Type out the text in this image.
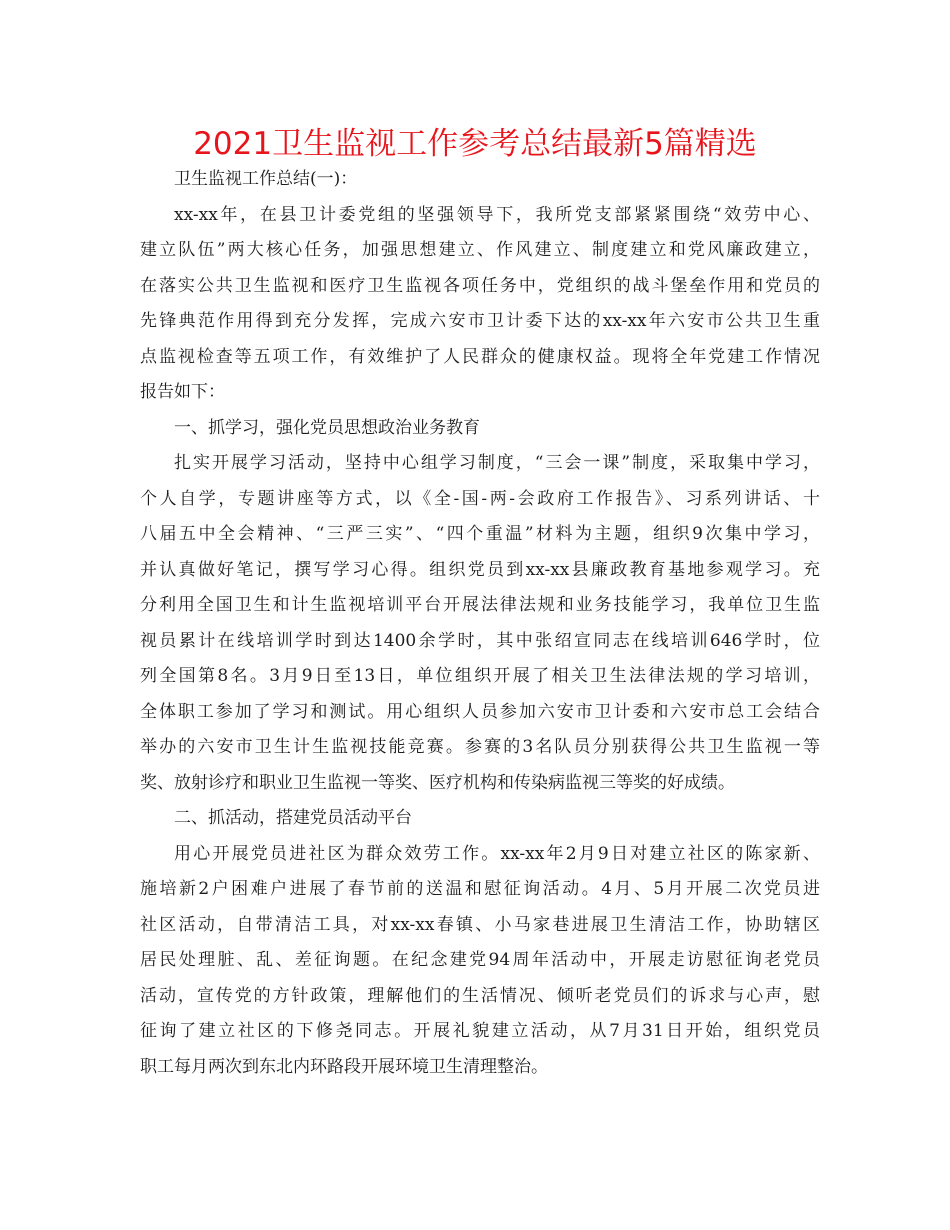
2021卫生监视工作参考总结最新5篇精选
卫生监视工作总结(一)：
xx-xx年，在县卫计委党组的坚强领导下，我所党支部紧紧围绕“效劳中心、
建立队伍”两大核心任务，加强思想建立、作风建立、制度建立和党风廉政建立，
在落实公共卫生监视和医疗卫生监视各项任务中，党组织的战斗堡垒作用和党员的
先锋典范作用得到充分发挥，完成六安市卫计委下达的xx-xx年六安市公共卫生重
点监视检查等五项工作，有效维护了人民群众的健康权益。现将全年党建工作情况
报告如下：
一、抓学习，强化党员思想政治业务教育
扎实开展学习活动，坚持中心组学习制度，“三会一课”制度，采取集中学习，
个人自学，专题讲座等方式，以《全-国-两-会政府工作报告》、习系列讲话、十
八届五中全会精神、“三严三实”、“四个重温”材料为主题，组织9次集中学习，
并认真做好笔记，撰写学习心得。组织党员到xx-xx县廉政教育基地参观学习。充
分利用全国卫生和计生监视培训平台开展法律法规和业务技能学习，我单位卫生监
视员累计在线培训学时到达1400余学时，其中张绍宣同志在线培训646学时，位
列全国第8名。3月9日至13日，单位组织开展了相关卫生法律法规的学习培训，
全体职工参加了学习和测试。用心组织人员参加六安市卫计委和六安市总工会结合
举办的六安市卫生计生监视技能竞赛。参赛的3名队员分别获得公共卫生监视一等
奖、放射诊疗和职业卫生监视一等奖、医疗机构和传染病监视三等奖的好成绩。
二、抓活动，搭建党员活动平台
用心开展党员进社区为群众效劳工作。xx-xx年2月9日对建立社区的陈家新、
施培新2户困难户进展了春节前的送温和慰征询活动。4月、5月开展二次党员进
社区活动，自带清洁工具，对xx-xx春镇、小马家巷进展卫生清洁工作，协助辖区
居民处理脏、乱、差征询题。在纪念建党94周年活动中，开展走访慰征询老党员
活动，宣传党的方针政策，理解他们的生活情况、倾听老党员们的诉求与心声，慰
征询了建立社区的下修尧同志。开展礼貌建立活动，从7月31日开始，组织党员
职工每月两次到东北内环路段开展环境卫生清理整治。
